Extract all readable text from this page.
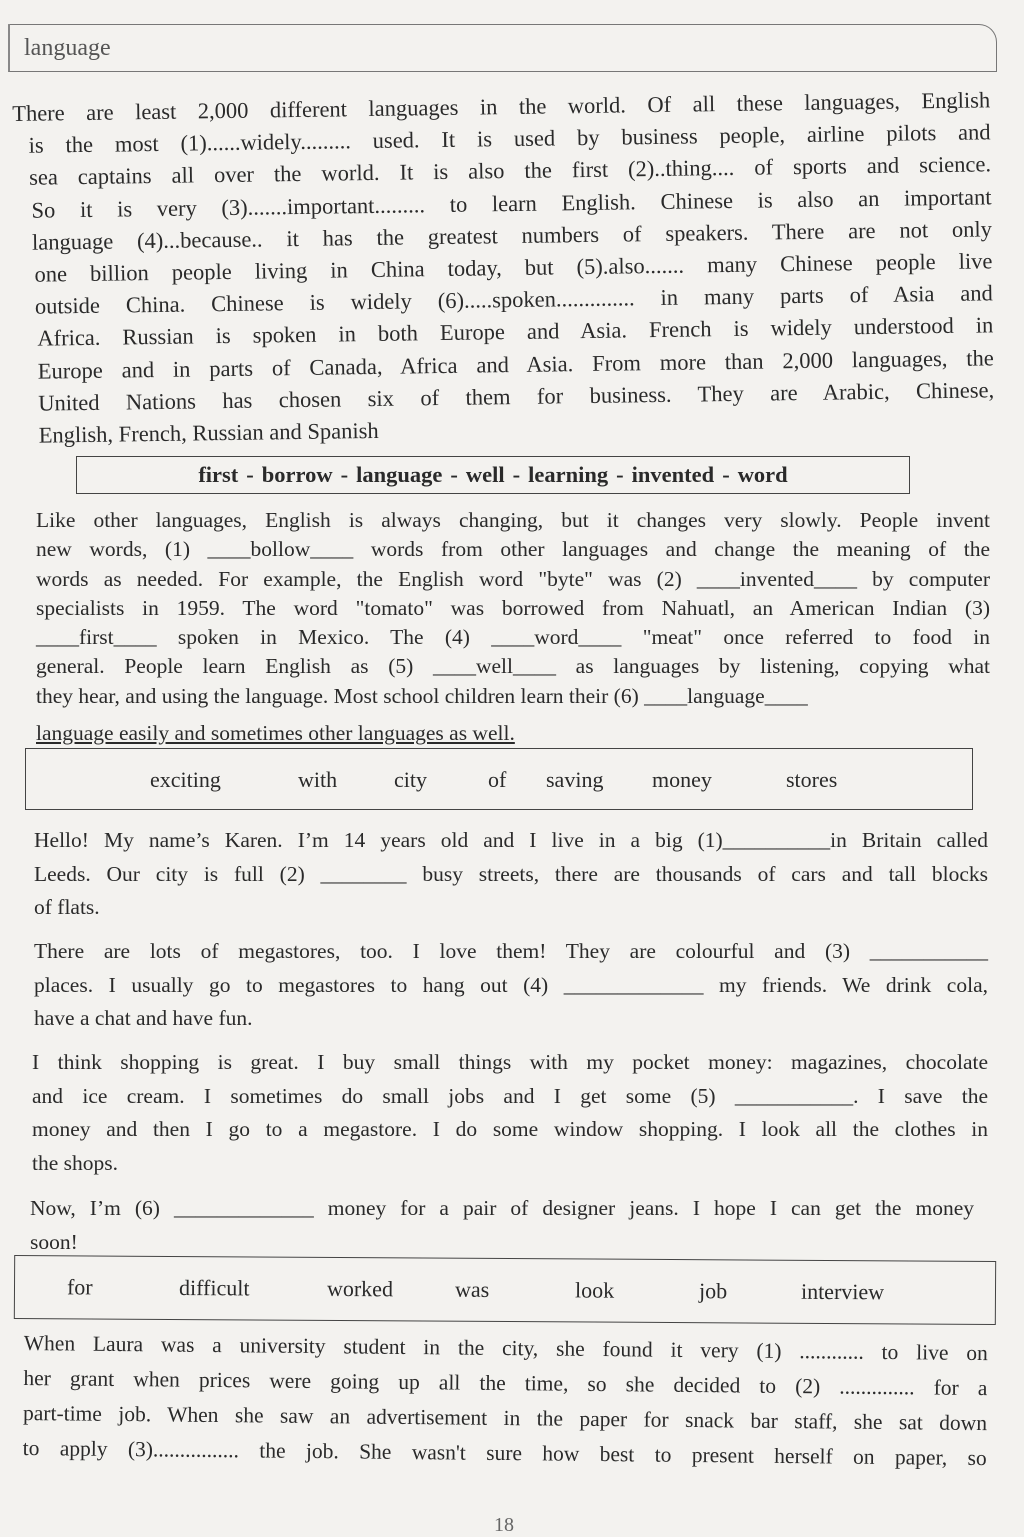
language
There are least 2,000 different languages in the world. Of all these languages, English
is the most (1)......widely......... used. It is used by business people, airline pilots and
sea captains all over the world. It is also the first (2)..thing.... of sports and science.
So it is very (3).......important......... to learn English. Chinese is also an important
language (4)...because.. it has the greatest numbers of speakers. There are not only
one billion people living in China today, but (5).also....... many Chinese people live
outside China. Chinese is widely (6).....spoken.............. in many parts of Asia and
Africa. Russian is spoken in both Europe and Asia. French is widely understood in
Europe and in parts of Canada, Africa and Asia. From more than 2,000 languages, the
United Nations has chosen six of them for business. They are Arabic, Chinese,
English, French, Russian and Spanish
first - borrow - language - well - learning - invented - word
Like other languages, English is always changing, but it changes very slowly. People invent
new words, (1) ____bollow____ words from other languages and change the meaning of the
words as needed. For example, the English word "byte" was (2) ____invented____ by computer
specialists in 1959. The word "tomato" was borrowed from Nahuatl, an American Indian (3)
____first____ spoken in Mexico. The (4) ____word____ "meat" once referred to food in
general. People learn English as (5) ____well____ as languages by listening, copying what
they hear, and using the language. Most school children learn their (6) ____language____
language easily and sometimes other languages as well.
exciting	with	city	of saving money	stores
Hello! My name’s Karen. I’m 14 years old and I live in a big (1)__________in Britain called
Leeds. Our city is full (2) ________ busy streets, there are thousands of cars and tall blocks
of flats.
There are lots of megastores, too. I love them! They are colourful and (3) ___________
places. I usually go to megastores to hang out (4) _____________ my friends. We drink cola,
have a chat and have fun.
I think shopping is great. I buy small things with my pocket money: magazines, chocolate
and ice cream. I sometimes do small jobs and I get some (5) ___________. I save the
money and then I go to a megastore. I do some window shopping. I look all the clothes in
the shops.
Now, I’m (6) _____________ money for a pair of designer jeans. I hope I can get the money
soon!
for	difficult	worked	was	look	job	interview
When Laura was a university student in the city, she found it very (1) ............ to live on
her grant when prices were going up all the time, so she decided to (2) .............. for a
part-time job. When she saw an advertisement in the paper for snack bar staff, she sat down
to apply (3)................ the job. She wasn't sure how best to present herself on paper, so
18
